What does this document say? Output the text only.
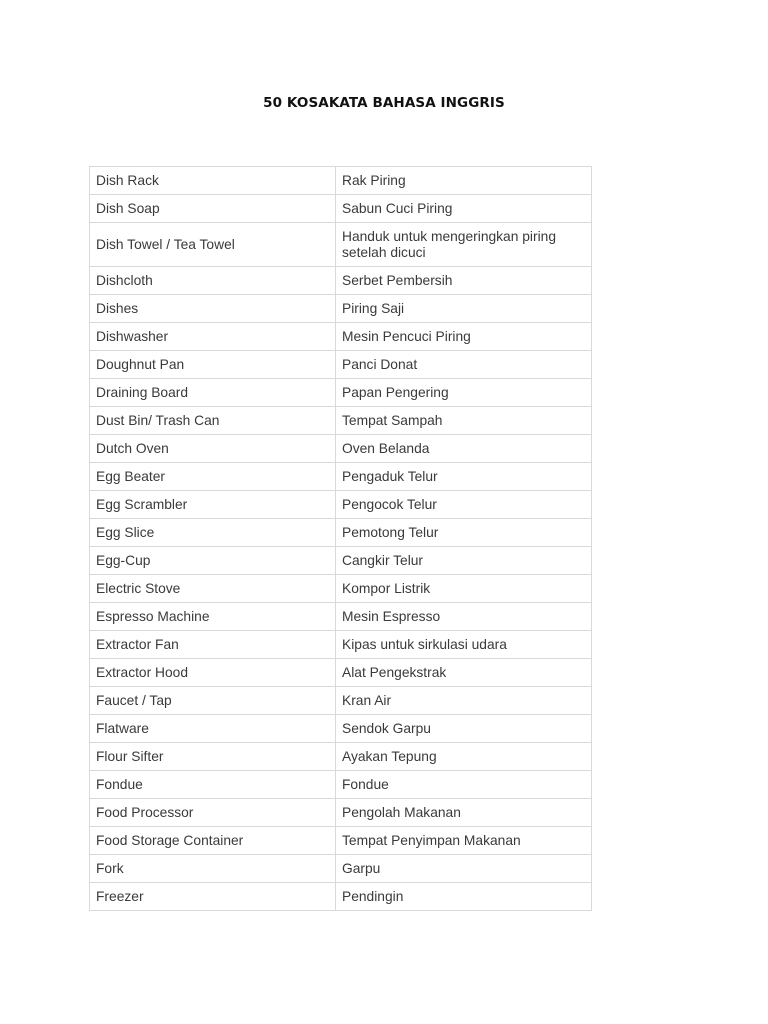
50 KOSAKATA BAHASA INGGRIS
Dish Rack	Rak Piring
Dish Soap	Sabun Cuci Piring
Dish Towel / Tea Towel	Handuk untuk mengeringkan piring setelah dicuci
Dishcloth	Serbet Pembersih
Dishes	Piring Saji
Dishwasher	Mesin Pencuci Piring
Doughnut Pan	Panci Donat
Draining Board	Papan Pengering
Dust Bin/ Trash Can	Tempat Sampah
Dutch Oven	Oven Belanda
Egg Beater	Pengaduk Telur
Egg Scrambler	Pengocok Telur
Egg Slice	Pemotong Telur
Egg-Cup	Cangkir Telur
Electric Stove	Kompor Listrik
Espresso Machine	Mesin Espresso
Extractor Fan	Kipas untuk sirkulasi udara
Extractor Hood	Alat Pengekstrak
Faucet / Tap	Kran Air
Flatware	Sendok Garpu
Flour Sifter	Ayakan Tepung
Fondue	Fondue
Food Processor	Pengolah Makanan
Food Storage Container	Tempat Penyimpan Makanan
Fork	Garpu
Freezer	Pendingin
